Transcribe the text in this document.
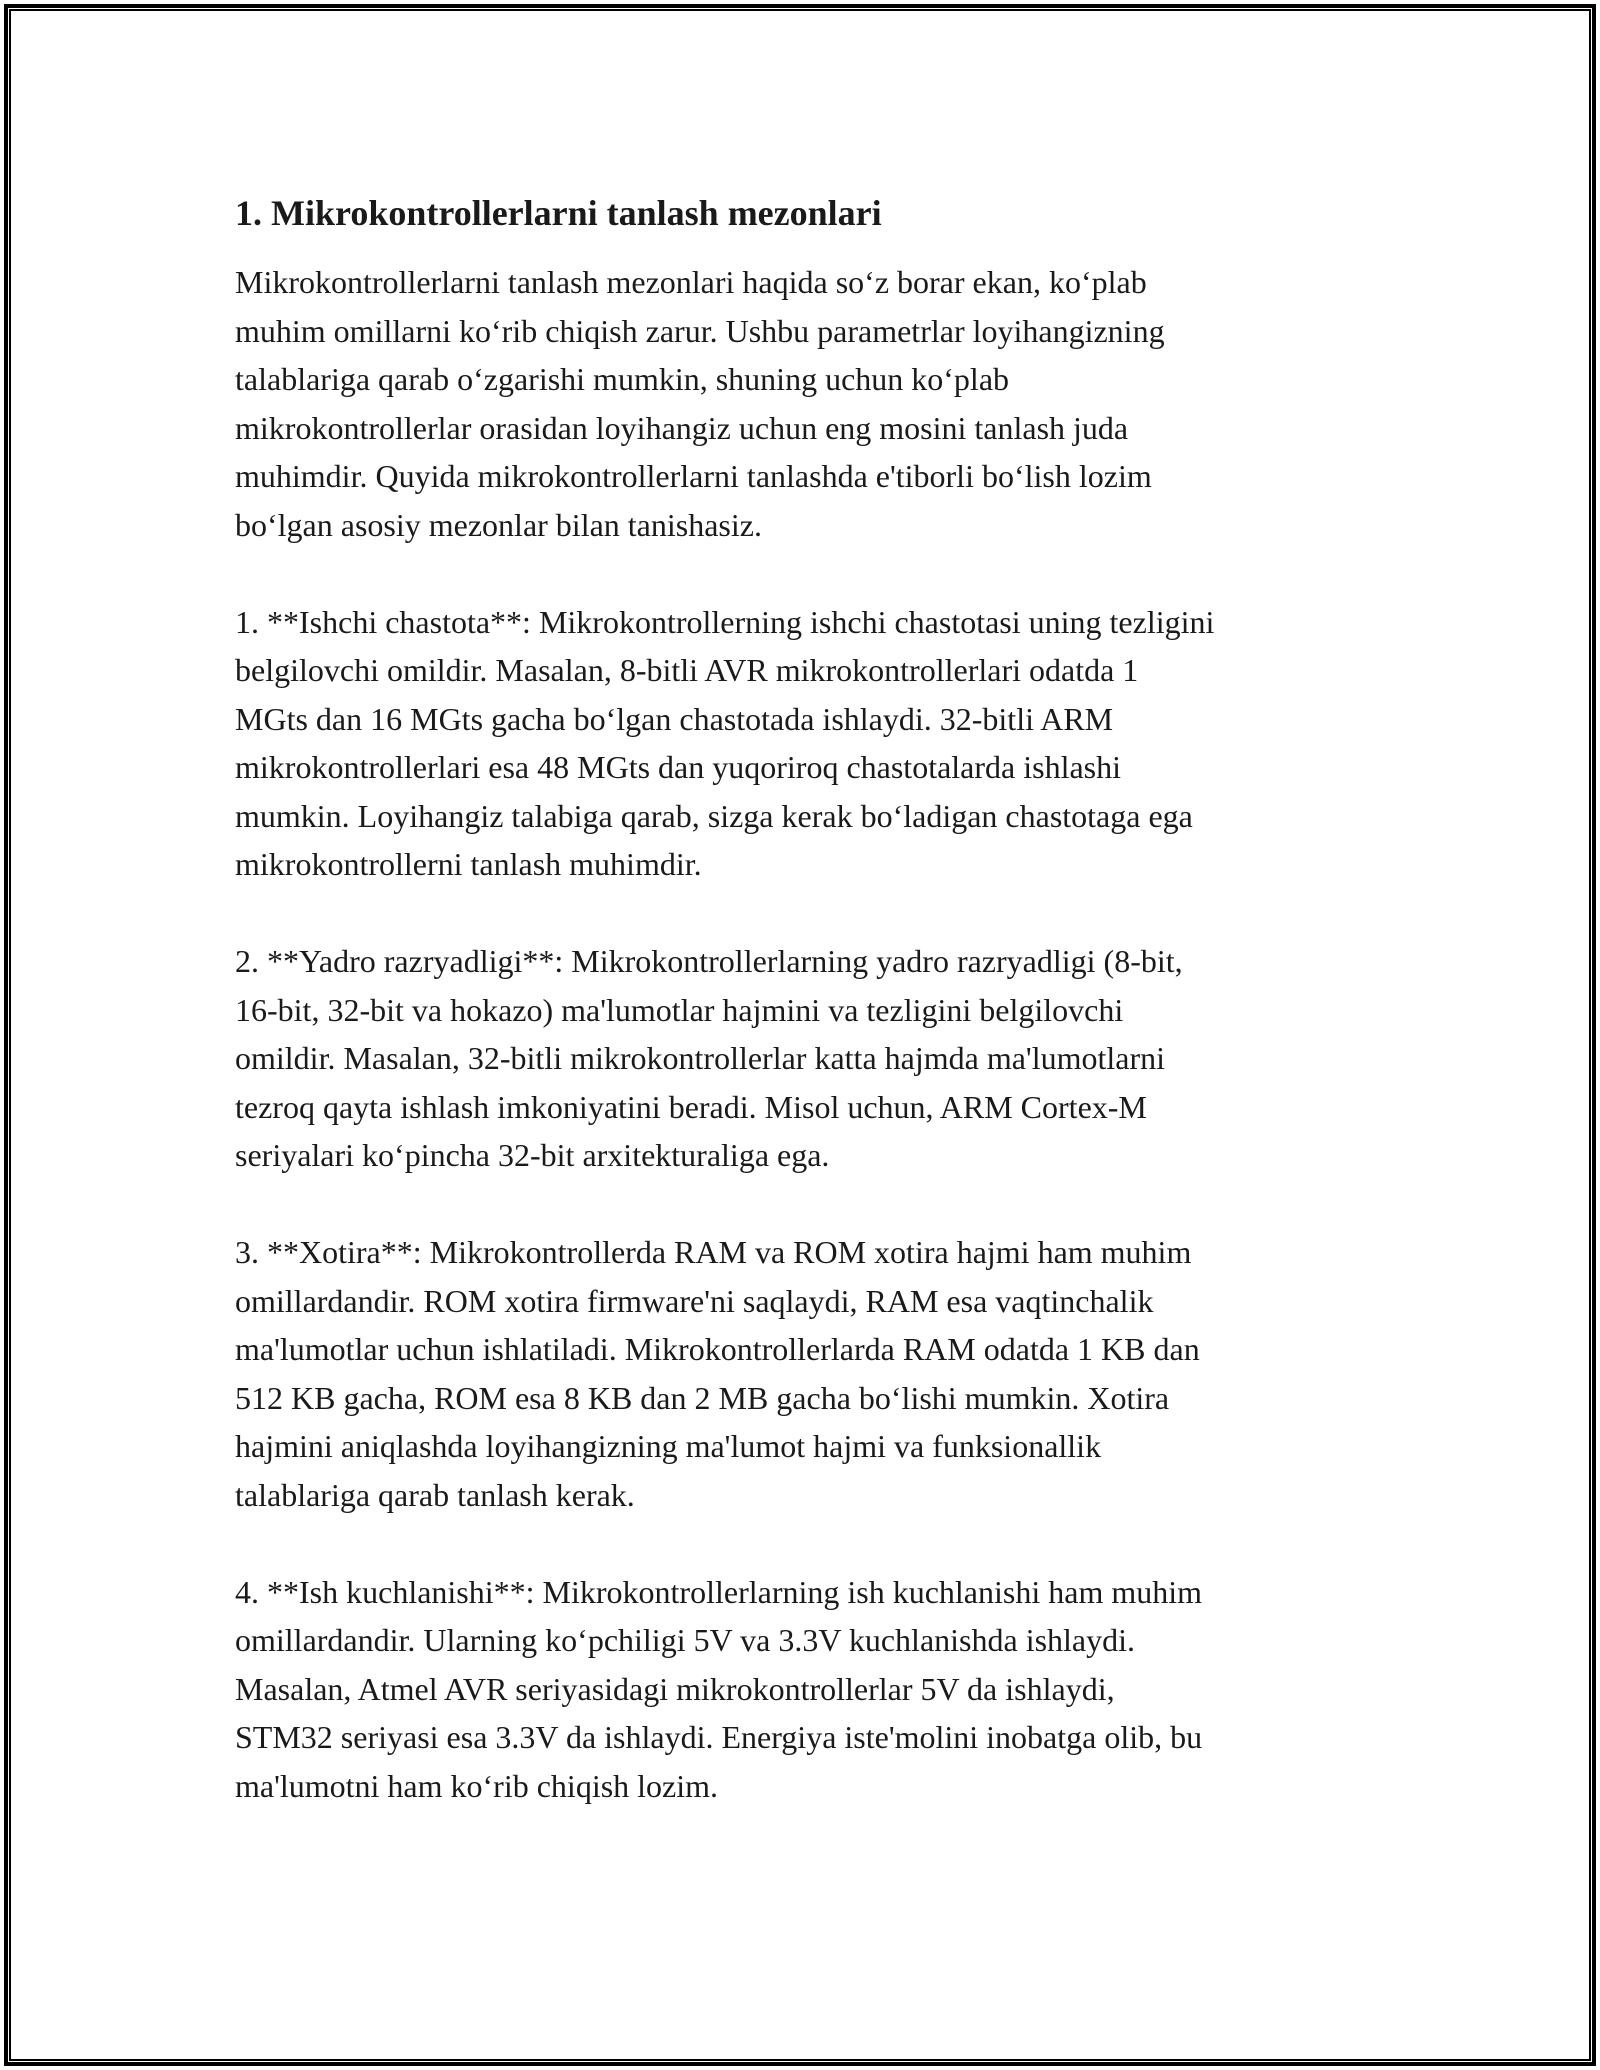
1. Mikrokontrollerlarni tanlash mezonlari
Mikrokontrollerlarni tanlash mezonlari haqida so‘z borar ekan, ko‘plab
muhim omillarni ko‘rib chiqish zarur. Ushbu parametrlar loyihangizning
talablariga qarab o‘zgarishi mumkin, shuning uchun ko‘plab
mikrokontrollerlar orasidan loyihangiz uchun eng mosini tanlash juda
muhimdir. Quyida mikrokontrollerlarni tanlashda e'tiborli bo‘lish lozim
bo‘lgan asosiy mezonlar bilan tanishasiz.
1. **Ishchi chastota**: Mikrokontrollerning ishchi chastotasi uning tezligini
belgilovchi omildir. Masalan, 8-bitli AVR mikrokontrollerlari odatda 1
MGts dan 16 MGts gacha bo‘lgan chastotada ishlaydi. 32-bitli ARM
mikrokontrollerlari esa 48 MGts dan yuqoriroq chastotalarda ishlashi
mumkin. Loyihangiz talabiga qarab, sizga kerak bo‘ladigan chastotaga ega
mikrokontrollerni tanlash muhimdir.
2. **Yadro razryadligi**: Mikrokontrollerlarning yadro razryadligi (8-bit,
16-bit, 32-bit va hokazo) ma'lumotlar hajmini va tezligini belgilovchi
omildir. Masalan, 32-bitli mikrokontrollerlar katta hajmda ma'lumotlarni
tezroq qayta ishlash imkoniyatini beradi. Misol uchun, ARM Cortex-M
seriyalari ko‘pincha 32-bit arxitekturaliga ega.
3. **Xotira**: Mikrokontrollerda RAM va ROM xotira hajmi ham muhim
omillardandir. ROM xotira firmware'ni saqlaydi, RAM esa vaqtinchalik
ma'lumotlar uchun ishlatiladi. Mikrokontrollerlarda RAM odatda 1 KB dan
512 KB gacha, ROM esa 8 KB dan 2 MB gacha bo‘lishi mumkin. Xotira
hajmini aniqlashda loyihangizning ma'lumot hajmi va funksionallik
talablariga qarab tanlash kerak.
4. **Ish kuchlanishi**: Mikrokontrollerlarning ish kuchlanishi ham muhim
omillardandir. Ularning ko‘pchiligi 5V va 3.3V kuchlanishda ishlaydi.
Masalan, Atmel AVR seriyasidagi mikrokontrollerlar 5V da ishlaydi,
STM32 seriyasi esa 3.3V da ishlaydi. Energiya iste'molini inobatga olib, bu
ma'lumotni ham ko‘rib chiqish lozim.
